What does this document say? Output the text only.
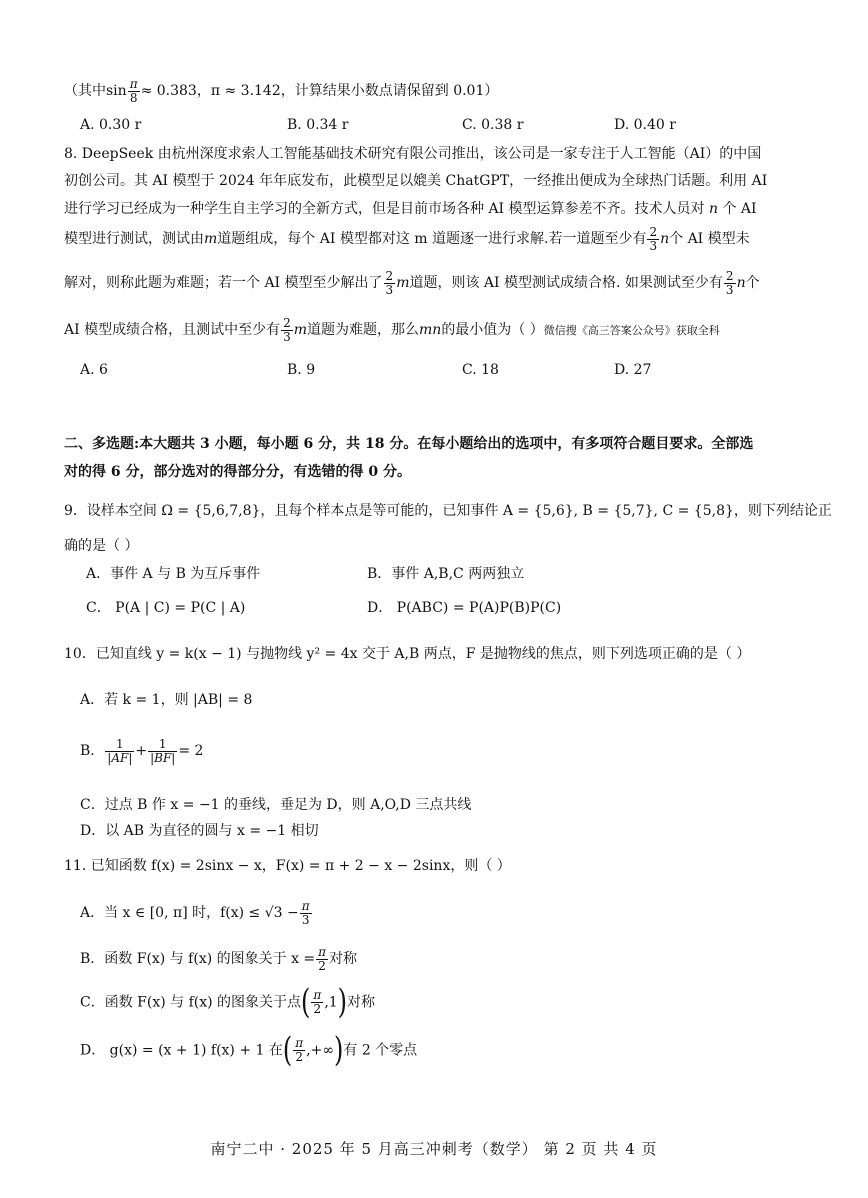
（其中$\sin \frac{\pi}{8} \approx 0.383$，π ≈ 3.142，计算结果小数点请保留到 0.01）
A. 0.30 r	B. 0.34 r	C. 0.38 r	D. 0.40 r
8. DeepSeek 由杭州深度求索人工智能基础技术研究有限公司推出，该公司是一家专注于人工智能（AI）的中国
初创公司。其 AI 模型于 2024 年年底发布，此模型足以媲美 ChatGPT，一经推出便成为全球热门话题。利用 AI
进行学习已经成为一种学生自主学习的全新方式，但是目前市场各种 AI 模型运算参差不齐。技术人员对 n 个 AI
模型进行测试，测试由m道题组成，每个 AI 模型都对这 m 道题逐一进行求解.若一道题至少有 $\frac{2}{3}$ n个 AI 模型未
解对，则称此题为难题；若一个 AI 模型至少解出了 $\frac{2}{3}$ m道题，则该 AI 模型测试成绩合格. 如果测试至少有 $\frac{2}{3}$ n个
AI 模型成绩合格，且测试中至少有 $\frac{2}{3}$ m道题为难题，那么mn的最小值为（ ）微信搜《高三答案公众号》获取全科
A. 6	B. 9	C. 18	D. 27
二、多选题:本大题共 3 小题，每小题 6 分，共 18 分。在每小题给出的选项中，有多项符合题目要求。全部选
对的得 6 分，部分选对的得部分分，有选错的得 0 分。
9．设样本空间 Ω = {5,6,7,8}，且每个样本点是等可能的，已知事件 A = {5,6}, B = {5,7}, C = {5,8}，则下列结论正
确的是（ ）
A．事件 A 与 B 为互斥事件	B．事件 A,B,C 两两独立
C． P(A | C) = P(C | A)	D． P(ABC) = P(A)P(B)P(C)
10．已知直线 y = k(x − 1) 与抛物线 y² = 4x 交于 A,B 两点，F 是抛物线的焦点，则下列选项正确的是（ ）
A．若 k = 1，则 |AB| = 8
B． $\frac{1}{|AF|} + \frac{1}{|BF|} = 2$
C．过点 B 作 x = −1 的垂线，垂足为 D，则 A,O,D 三点共线
D．以 AB 为直径的圆与 x = −1 相切
11. 已知函数 f(x) = 2sinx − x，F(x) = π + 2 − x − 2sinx，则（ ）
A．当 x ∈ [0, π] 时，$f(x) \le √3 - \frac{\pi}{3}$
B．函数 F(x) 与 f(x) 的图象关于 $x = \frac{\pi}{2}$ 对称
C．函数 F(x) 与 f(x) 的图象关于点( $\frac{\pi}{2} ,1$)对称
D． g(x) = (x + 1) f(x) + 1 在( $\frac{\pi}{2}$ ,+∞)有 2 个零点
南宁二中 · 2025 年 5 月高三冲刺考（数学） 第 2 页 共 4 页
